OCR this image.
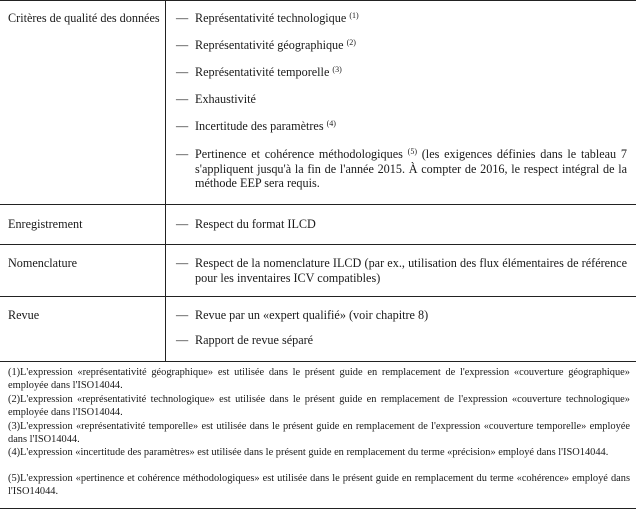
Critères de qualité des données — Représentativité technologique $^{(1)}$
— Représentativité géographique $^{(2)}$
— Représentativité temporelle $^{(3)}$
— Exhaustivité
— Incertitude des paramètres $^{(4)}$
— Pertinence et cohérence méthodologiques $^{(5)}$ (les exigences définies dans le tableau 7 s'appliquent jusqu'à la fin de l'année 2015. À compter de 2016, le respect intégral de la méthode EEP sera requis.
Enregistrement	— Respect du format ILCD
Nomenclature	— Respect de la nomenclature ILCD (par ex., utilisation des flux élémentaires de référence pour les inventaires ICV compatibles)
Revue	— Revue par un «expert qualifié» (voir chapitre 8)
— Rapport de revue séparé
(1) L'expression «représentativité géographique» est utilisée dans le présent guide en remplacement de l'expression «couverture géographique» employée dans l'ISO14044.
(2) L'expression «représentativité technologique» est utilisée dans le présent guide en remplacement de l'expression «couverture technologique» employée dans l'ISO14044.
(3) L'expression «représentativité temporelle» est utilisée dans le présent guide en remplacement de l'expression «couverture temporelle» employée dans l'ISO14044.
(4) L'expression «incertitude des paramètres» est utilisée dans le présent guide en remplacement du terme «précision» employé dans l'ISO14044.
(5) L'expression «pertinence et cohérence méthodologiques» est utilisée dans le présent guide en remplacement du terme «cohérence» employé dans l'ISO14044.
